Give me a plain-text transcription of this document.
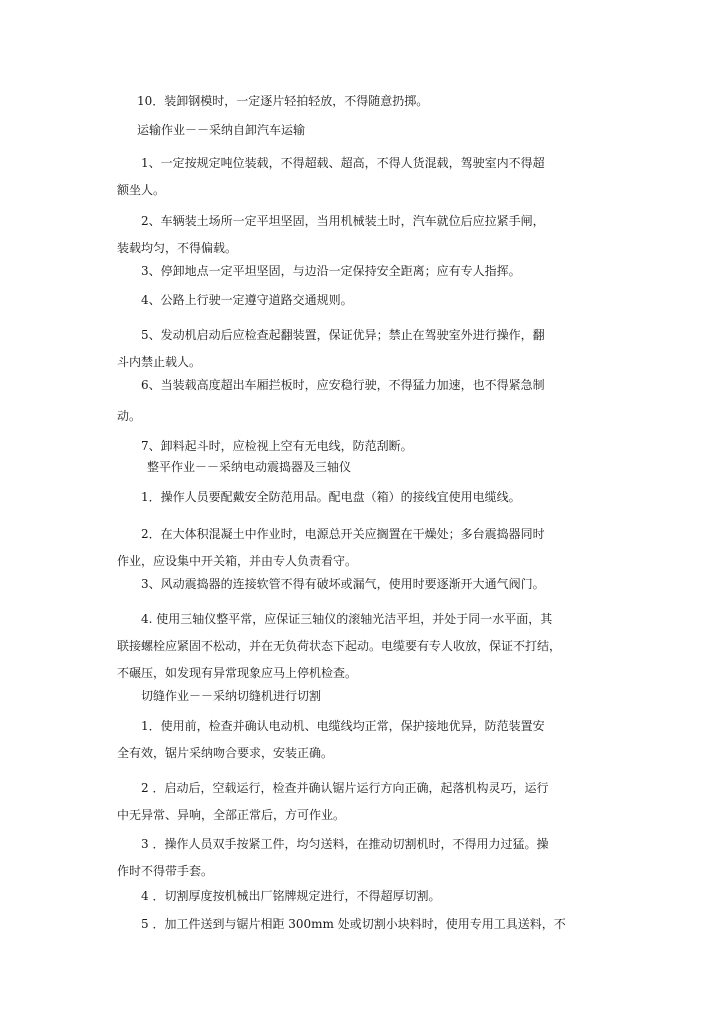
10．装卸钢模时，一定逐片轻拍轻放，不得随意扔掷。
运输作业－－采纳自卸汽车运输
1、一定按规定吨位装载，不得超载、超高，不得人货混载，驾驶室内不得超
额坐人。
2、车辆装土场所一定平坦坚固，当用机械装土时，汽车就位后应拉紧手闸，
装载均匀，不得偏载。
3、停卸地点一定平坦坚固，与边沿一定保持安全距离；应有专人指挥。
4、公路上行驶一定遵守道路交通规则。
5、发动机启动后应检查起翻装置，保证优异；禁止在驾驶室外进行操作，翻
斗内禁止载人。
6、当装载高度超出车厢拦板时，应安稳行驶，不得猛力加速，也不得紧急制
动。
7、卸料起斗时，应检视上空有无电线，防范刮断。
整平作业－－采纳电动震捣器及三轴仪
1．操作人员要配戴安全防范用品。配电盘（箱）的接线宜使用电缆线。
2．在大体积混凝土中作业时，电源总开关应搁置在干燥处；多台震捣器同时
作业，应设集中开关箱，并由专人负责看守。
3、风动震捣器的连接软管不得有破坏或漏气，使用时要逐渐开大通气阀门。
4. 使用三轴仪整平常，应保证三轴仪的滚轴光洁平坦，并处于同一水平面，其
联接螺栓应紧固不松动，并在无负荷状态下起动。电缆要有专人收放，保证不打结，
不碾压，如发现有异常现象应马上停机检查。
切缝作业－－采纳切缝机进行切割
1．使用前，检查并确认电动机、电缆线均正常，保护接地优异，防范装置安
全有效，锯片采纳吻合要求，安装正确。
2 ．启动后，空载运行，检查并确认锯片运行方向正确，起落机构灵巧，运行
中无异常、异响，全部正常后，方可作业。
3 ．操作人员双手按紧工件，均匀送料，在推动切割机时，不得用力过猛。操
作时不得带手套。
4 ．切割厚度按机械出厂铭牌规定进行，不得超厚切割。
5 ．加工件送到与锯片相距 300mm 处或切割小块料时，使用专用工具送料，不
